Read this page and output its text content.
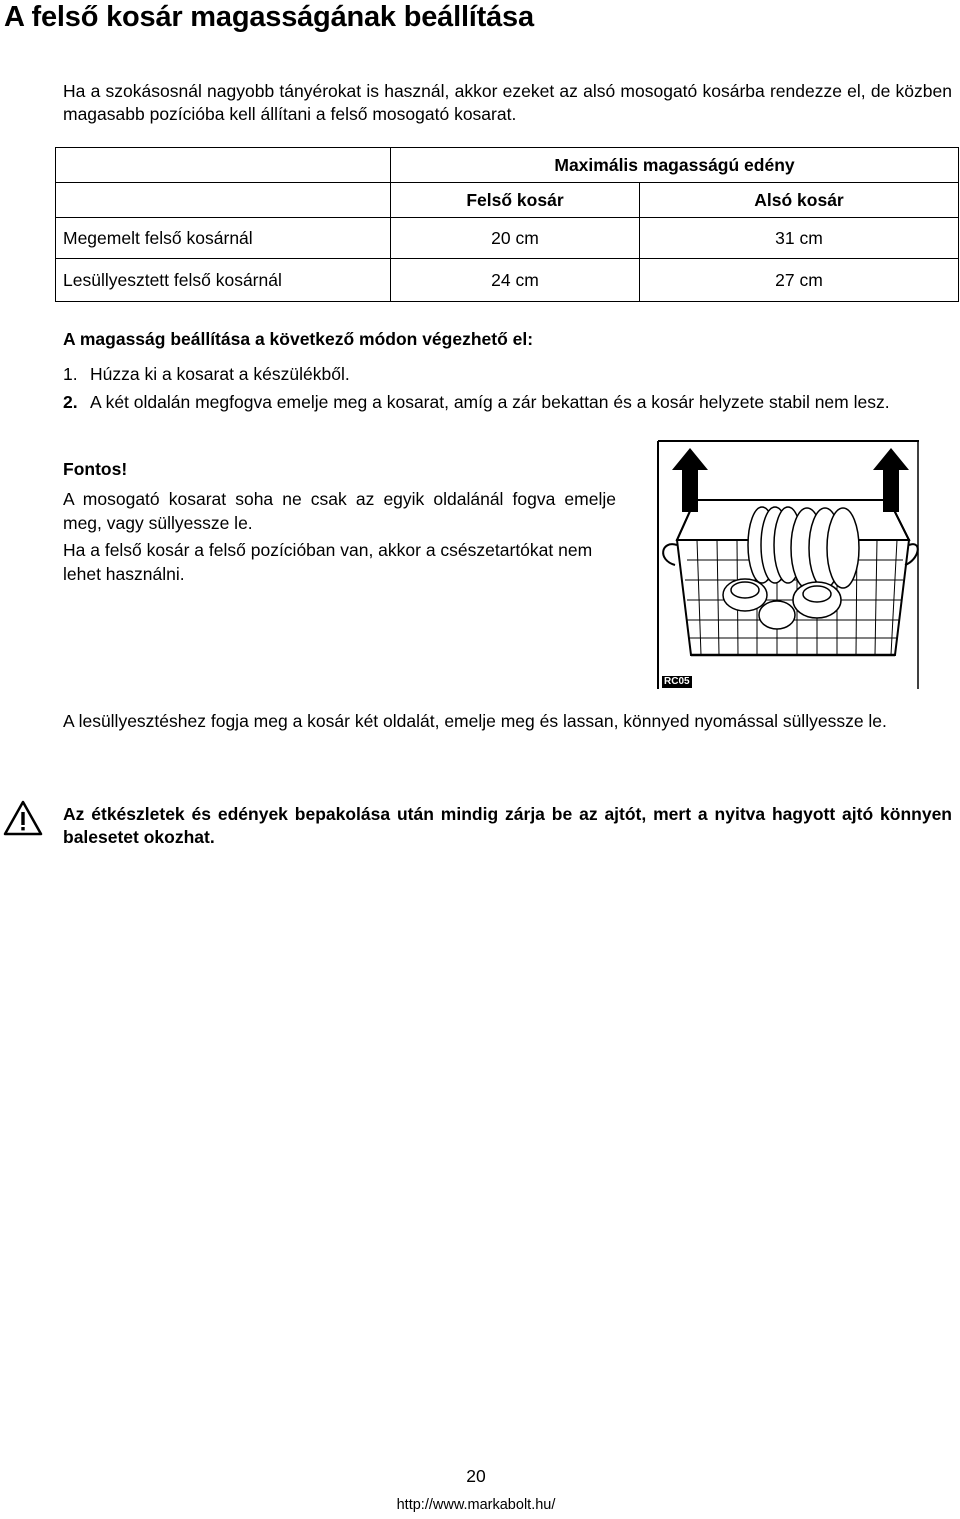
A felső kosár magasságának beállítása
Ha a szokásosnál nagyobb tányérokat is használ, akkor ezeket az alsó mosogató kosárba rendezze el, de közben magasabb pozícióba kell állítani a felső mosogató kosarat.
	Maximális magasságú edény	
	Felső kosár	Alsó kosár
Megemelt felső kosárnál	20 cm	31 cm
Lesüllyesztett felső kosárnál	24 cm	27 cm
A magasság beállítása a következő módon végezhető el:
1. Húzza ki a kosarat a készülékből.
2. A két oldalán megfogva emelje meg a kosarat, amíg a zár bekattan és a kosár helyzete stabil nem lesz.
Fontos!
A mosogató kosarat soha ne csak az egyik oldalánál fogva emelje meg, vagy süllyessze le.
Ha a felső kosár a felső pozícióban van, akkor a csészetartókat nem lehet használni.
RC05
A lesüllyesztéshez fogja meg a kosár két oldalát, emelje meg és lassan, könnyed nyomással süllyessze le.
Az étkészletek és edények bepakolása után mindig zárja be az ajtót, mert a nyitva hagyott ajtó könnyen balesetet okozhat.
20
http://www.markabolt.hu/
